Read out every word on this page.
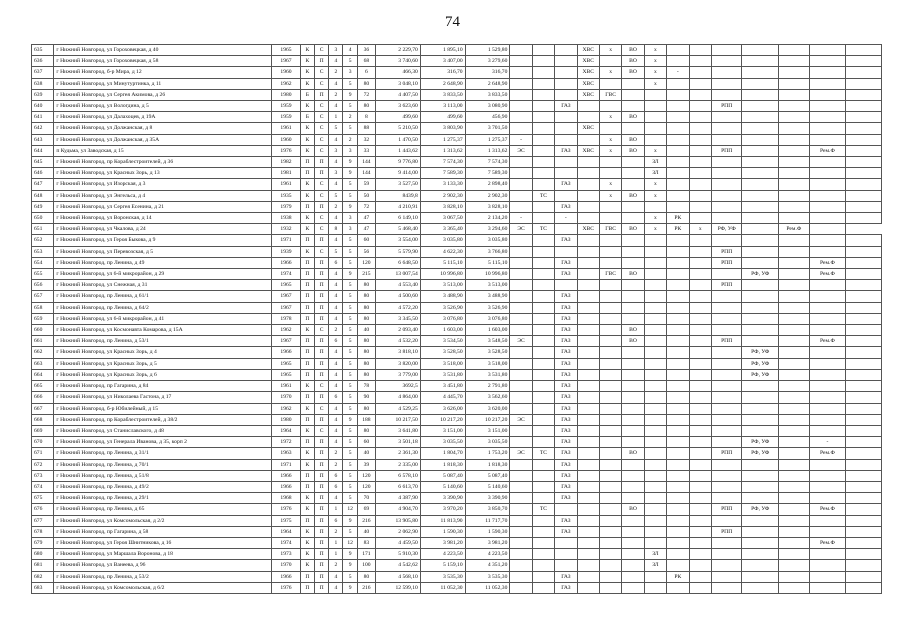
74
635	г Нижний Новгород, ул Гороховецкая, д 40	1965	К	С	3	4	36	2 229,70	1 895,10	1 529,80				ХВС	х	ВО	х							
636	г Нижний Новгород, ул Гороховецкая, д 58	1967	К	П	4	5	68	3 740,60	3 407,00	3 279,60				ХВС		ВО	х							
637	г Нижний Новгород, б-р Мира, д 12	1960	К	С	2	3	6	466,30	316,70	316,70				ХВС	х	ВО	х	-						
638	г Нижний Новгород, ул Минутуртинка, д 11	1962	К	С	4	5	80	3 048,10	2 648,90	2 648,90				ХВС			х							
639	г Нижний Новгород, ул Сергея Акимова, д 26	1980	Б	П	2	9	72	4 407,50	3 833,50	3 833,50				ХВС	ГВС									
640	г Нижний Новгород, ул Вологдина, д 5	1959	К	С	4	5	80	3 623,60	3 113,00	3 080,90			ГАЗ							РПП				
641	г Нижний Новгород, ул Далахоцев, д 19А	1959	Б	С	1	2	8	499,60	499,60	456,90					х	ВО								
642	г Нижний Новгород, ул Должанская, д 8	1961	К	С	5	5	88	5 210,50	3 803,90	3 701,50				ХВС										
643	г Нижний Новгород, ул Должанская, д 35А	1960	К	С	4	2	32	1 470,50	1 275,37	1 275,37	-				х	ВО								
644	п Кудьма, ул Заводская, д 15	1976	К	С	3	3	33	1 443,62	1 313,62	1 313,62	ЭС		ГАЗ	ХВС	х	ВО	х			РПП			Рем.Ф	
645	г Нижний Новгород, пр Кораблестроителей, д 36	1982	П	П	4	9	144	9 776,80	7 574,30	7 574,30							ЗЛ							
646	г Нижний Новгород, ул Красных Зорь, д 13	1981	П	П	3	9	144	9 414,00	7 589,30	7 589,30							ЗЛ							
647	г Нижний Новгород, ул Изорская, д 3	1961	К	С	4	5	59	3 527,50	3 133,30	2 898,40			ГАЗ		х		х							
648	г Нижний Новгород, ул Энгельса, д 4	1935	К	С	5	5	50	8439,8	2 902,30	2 902,30		ТС			х	ВО	х							
649	г Нижний Новгород, ул Сергея Есенина, д 21	1979	П	П	2	9	72	4 210,91	3 828,10	3 828,10			ГАЗ											
650	г Нижний Новгород, ул Воронская, д 14	1938	К	С	4	3	47	6 149,10	3 067,50	2 134,20	-		-				х	РК						
651	г Нижний Новгород, ул Чкалова, д 24	1932	К	С	8	3	47	5 468,40	3 365,40	3 294,60	ЭС	ТС		ХВС	ГВС	ВО	х	РК	х	РФ, УФ		Рем.Ф		
652	г Нижний Новгород, ул Героя Быкова, д 9	1971	П	П	4	5	60	3 554,00	3 035,80	3 035,80			ГАЗ											
653	г Нижний Новгород, ул Перевозская, д 5	1939	К	С	5	5	56	5 579,90	4 622,30	3 766,80										РПП				
654	г Нижний Новгород, пр Ленина, д 49	1966	П	П	6	5	120	6 648,50	5 115,10	5 115,10			ГАЗ							РПП			Рем.Ф	
655	г Нижний Новгород, ул 6-й микрорайон, д 29	1974	П	П	4	9	215	13 007,54	10 996,80	10 996,80			ГАЗ		ГВС	ВО					РФ, УФ		Рем.Ф	
656	г Нижний Новгород, ул Снежная, д 31	1965	П	П	4	5	80	4 553,40	3 513,00	3 513,00										РПП				
657	г Нижний Новгород, пр Ленина, д 61/1	1967	П	П	4	5	80	4 500,60	3 488,90	3 488,90			ГАЗ											
658	г Нижний Новгород, пр Ленина, д 64/2	1967	П	П	4	5	80	4 572,20	3 526,90	3 526,90			ГАЗ											
659	г Нижний Новгород, ул 6-й микрорайон, д 41	1978	П	П	4	5	80	3 345,50	3 076,80	3 076,80			ГАЗ											
660	г Нижний Новгород, ул Космонавта Комарова, д 15А	1962	К	С	2	5	40	2 093,40	1 603,00	1 603,00			ГАЗ			ВО								
661	г Нижний Новгород, пр Ленина, д 53/1	1967	П	П	6	5	80	4 532,20	3 534,50	3 548,50	ЭС		ГАЗ			ВО				РПП			Рем.Ф	
662	г Нижний Новгород, ул Красных Зорь, д 4	1966	П	П	4	5	80	3 818,10	3 528,50	3 528,50			ГАЗ								РФ, УФ			
663	г Нижний Новгород, ул Красных Зорь, д 5	1965	П	П	4	5	80	3 820,00	3 518,00	3 518,00			ГАЗ								РФ, УФ			
664	г Нижний Новгород, ул Красных Зорь, д 6	1965	П	П	4	5	80	3 779,00	3 531,80	3 531,80			ГАЗ								РФ, УФ			
665	г Нижний Новгород, пр Гагарина, д 84	1961	К	С	4	5	78	3692,5	3 451,80	2 791,80			ГАЗ											
666	г Нижний Новгород, ул Николаева Гастона, д 17	1970	П	П	6	5	90	4 864,00	4 445,70	3 562,60			ГАЗ											
667	г Нижний Новгород, б-р Юбилейный, д 15	1962	К	С	4	5	80	4 529,25	3 626,00	3 620,00			ГАЗ											
668	г Нижний Новгород, пр Кораблестроителей, д 38/2	1980	П	П	4	9	188	10 217,50	10 217,20	10 217,20	ЭС		ГАЗ											
669	г Нижний Новгород, ул Станиславского, д 48	1964	К	С	4	5	80	3 641,80	3 151,00	3 151,00			ГАЗ											
670	г Нижний Новгород, ул Генерала Иванова, д 35, корп 2	1972	П	П	4	5	60	3 501,18	3 035,50	3 035,50			ГАЗ								РФ, УФ		-	
671	г Нижний Новгород, пр Ленина, д 31/1	1963	К	П	2	5	40	2 361,30	1 804,70	1 753,20	ЭС	ТС	ГАЗ			ВО				РПП	РФ, УФ		Рем.Ф	
672	г Нижний Новгород, пр Ленина, д 70/1	1971	К	П	2	5	39	2 335,00	1 818,30	1 818,30			ГАЗ											
673	г Нижний Новгород, пр Ленина, д 51/8	1966	П	П	6	5	120	6 578,10	5 087,40	5 087,40			ГАЗ											
674	г Нижний Новгород, пр Ленина, д 49/2	1966	П	П	6	5	120	6 613,70	5 140,60	5 140,60			ГАЗ											
675	г Нижний Новгород, пр Ленина, д 29/1	1968	К	П	4	5	70	4 387,90	3 390,90	3 390,90			ГАЗ											
676	г Нижний Новгород, пр Ленина, д 65	1976	К	П	1	12	69	4 904,70	3 970,20	3 850,70		ТС				ВО				РПП	РФ, УФ		Рем.Ф	
677	г Нижний Новгород, ул Комсомольская, д 2/2	1975	П	П	6	9	216	13 905,80	11 813,90	11 717,70			ГАЗ											
678	г Нижний Новгород, пр Гагарина, д 58	1964	К	П	2	5	40	2 062,90	1 590,30	1 590,30			ГАЗ							РПП				
679	г Нижний Новгород, ул Героя Шнитникова, д 16	1974	К	П	1	12	83	4 459,50	3 981,20	3 981,20													Рем.Ф	
680	г Нижний Новгород, ул Маршала Воронова, д 18	1973	К	П	1	9	171	5 910,30	4 223,50	4 223,50							ЗЛ							
681	г Нижний Новгород, ул Ванеева, д 96	1970	К	П	2	9	100	4 542,62	5 159,10	4 351,20							ЗЛ							
682	г Нижний Новгород, пр Ленина, д 53/2	1966	П	П	4	5	80	4 568,10	3 535,30	3 535,30			ГАЗ					РК						
683	г Нижний Новгород, ул Комсомольская, д 6/2	1976	П	П	4	9	216	12 599,10	11 052,30	11 052,30			ГАЗ											
